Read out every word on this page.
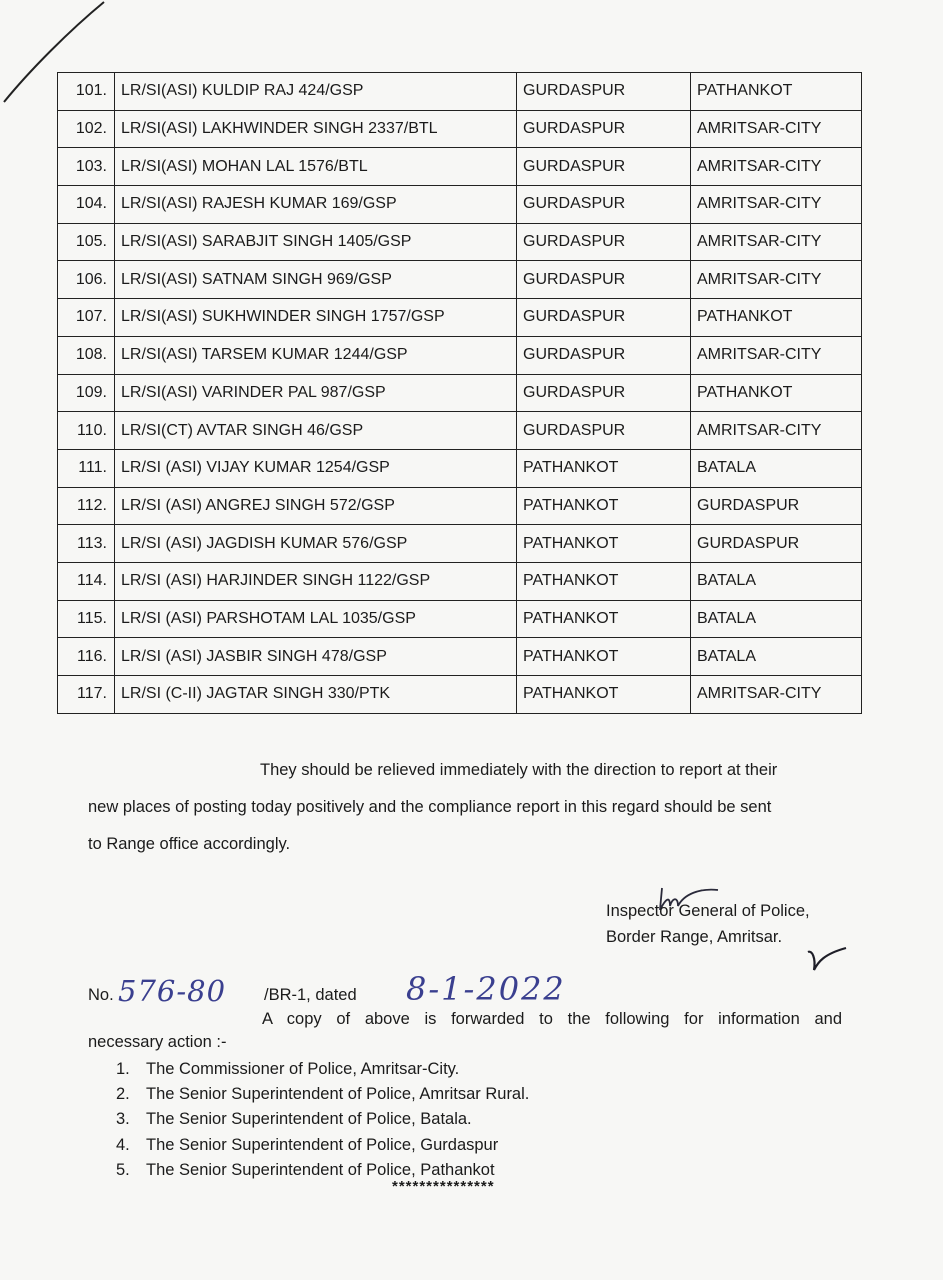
101.	LR/SI(ASI) KULDIP RAJ 424/GSP	GURDASPUR	PATHANKOT
102.	LR/SI(ASI) LAKHWINDER SINGH 2337/BTL	GURDASPUR	AMRITSAR-CITY
103.	LR/SI(ASI) MOHAN LAL 1576/BTL	GURDASPUR	AMRITSAR-CITY
104.	LR/SI(ASI) RAJESH KUMAR 169/GSP	GURDASPUR	AMRITSAR-CITY
105.	LR/SI(ASI) SARABJIT SINGH 1405/GSP	GURDASPUR	AMRITSAR-CITY
106.	LR/SI(ASI) SATNAM SINGH 969/GSP	GURDASPUR	AMRITSAR-CITY
107.	LR/SI(ASI) SUKHWINDER SINGH 1757/GSP	GURDASPUR	PATHANKOT
108.	LR/SI(ASI) TARSEM KUMAR 1244/GSP	GURDASPUR	AMRITSAR-CITY
109.	LR/SI(ASI) VARINDER PAL 987/GSP	GURDASPUR	PATHANKOT
110.	LR/SI(CT) AVTAR SINGH 46/GSP	GURDASPUR	AMRITSAR-CITY
111.	LR/SI (ASI) VIJAY KUMAR 1254/GSP	PATHANKOT	BATALA
112.	LR/SI (ASI) ANGREJ SINGH 572/GSP	PATHANKOT	GURDASPUR
113.	LR/SI (ASI) JAGDISH KUMAR 576/GSP	PATHANKOT	GURDASPUR
114.	LR/SI (ASI) HARJINDER SINGH 1122/GSP	PATHANKOT	BATALA
115.	LR/SI (ASI) PARSHOTAM LAL 1035/GSP	PATHANKOT	BATALA
116.	LR/SI (ASI) JASBIR SINGH 478/GSP	PATHANKOT	BATALA
117.	LR/SI (C-II) JAGTAR SINGH 330/PTK	PATHANKOT	AMRITSAR-CITY
They should be relieved immediately with the direction to report at their
new places of posting today positively and the compliance report in this regard should be sent
to Range office accordingly.
Inspector General of Police,
Border Range, Amritsar.
No. 576-80 /BR-1, dated 8-1-2022
A copy of above is forwarded to the following for information and
necessary action :-
1. The Commissioner of Police, Amritsar-City.
2. The Senior Superintendent of Police, Amritsar Rural.
3. The Senior Superintendent of Police, Batala.
4. The Senior Superintendent of Police, Gurdaspur
5. The Senior Superintendent of Police, Pathankot
***************
